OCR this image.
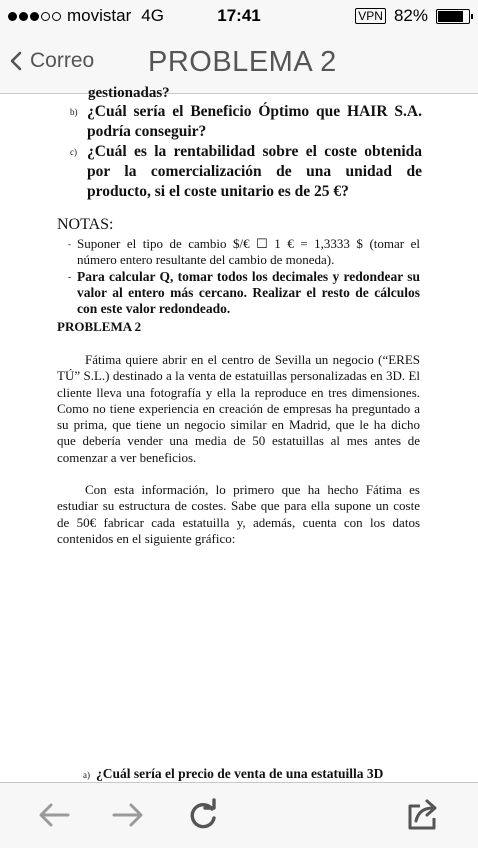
movistar 4G	17:41	VPN 82%
Correo PROBLEMA 2
gestionadas?
b) ¿Cuál sería el Beneficio Óptimo que HAIR S.A. podría conseguir?
c) ¿Cuál es la rentabilidad sobre el coste obtenida por la comercialización de una unidad de producto, si el coste unitario es de 25 €?
NOTAS:
- Suponer el tipo de cambio $/€ ☐ 1 € = 1,3333 $ (tomar el número entero resultante del cambio de moneda).
- Para calcular Q, tomar todos los decimales y redondear su valor al entero más cercano. Realizar el resto de cálculos con este valor redondeado.
PROBLEMA 2
Fátima quiere abrir en el centro de Sevilla un negocio (“ERES TÚ” S.L.) destinado a la venta de estatuillas personalizadas en 3D. El cliente lleva una fotografía y ella la reproduce en tres dimensiones. Como no tiene experiencia en creación de empresas ha preguntado a su prima, que tiene un negocio similar en Madrid, que le ha dicho que debería vender una media de 50 estatuillas al mes antes de comenzar a ver beneficios.
Con esta información, lo primero que ha hecho Fátima es estudiar su estructura de costes. Sabe que para ella supone un coste de 50€ fabricar cada estatuilla y, además, cuenta con los datos contenidos en el siguiente gráfico:
a) ¿Cuál sería el precio de venta de una estatuilla 3D
